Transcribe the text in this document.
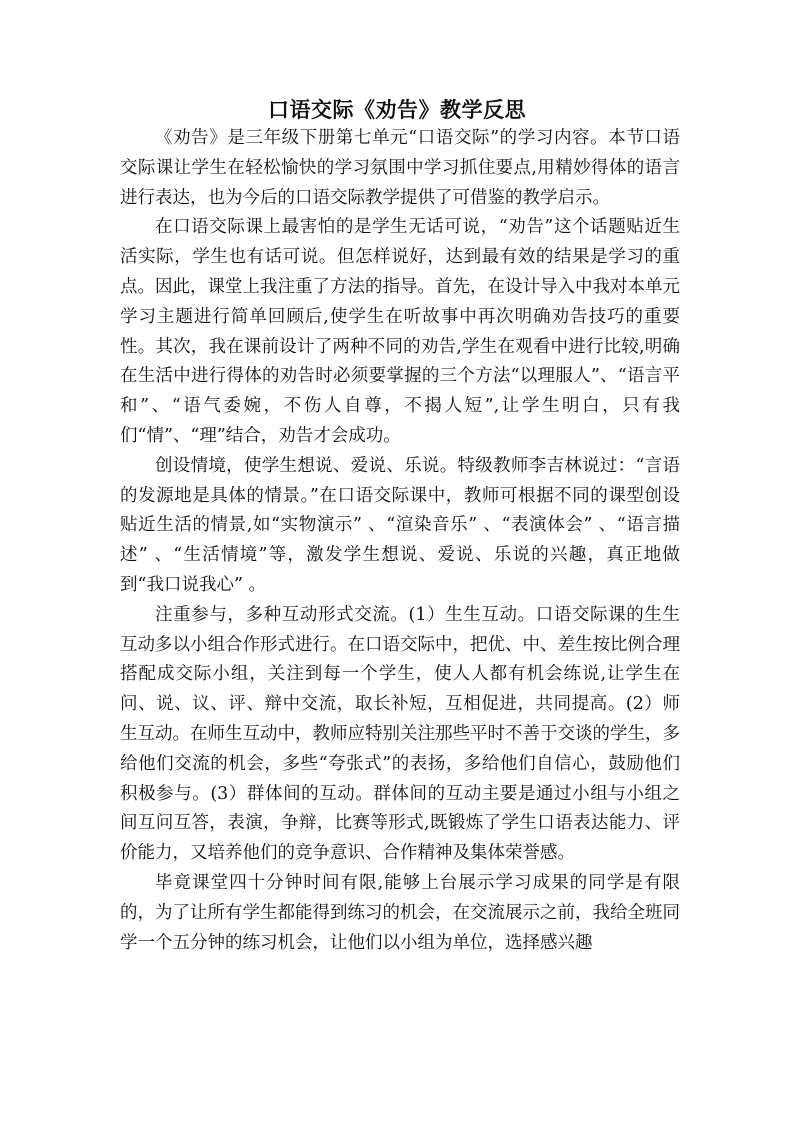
口语交际《劝告》教学反思

《劝告》是三年级下册第七单元“口语交际”的学习内容。本节口语交际课让学生在轻松愉快的学习氛围中学习抓住要点,用精妙得体的语言进行表达，也为今后的口语交际教学提供了可借鉴的教学启示。

在口语交际课上最害怕的是学生无话可说，“劝告”这个话题贴近生活实际，学生也有话可说。但怎样说好，达到最有效的结果是学习的重点。因此，课堂上我注重了方法的指导。首先，在设计导入中我对本单元学习主题进行简单回顾后,使学生在听故事中再次明确劝告技巧的重要性。其次，我在课前设计了两种不同的劝告,学生在观看中进行比较,明确在生活中进行得体的劝告时必须要掌握的三个方法“以理服人”、“语言平和”、“语气委婉，不伤人自尊，不揭人短”,让学生明白，只有我们“情”、“理”结合，劝告才会成功。

创设情境，使学生想说、爱说、乐说。特级教师李吉林说过：“言语的发源地是具体的情景。”在口语交际课中，教师可根据不同的课型创设贴近生活的情景,如“实物演示” 、“渲染音乐” 、“表演体会” 、“语言描述” 、“生活情境”等，激发学生想说、爱说、乐说的兴趣，真正地做到“我口说我心” 。

注重参与，多种互动形式交流。(1）生生互动。口语交际课的生生互动多以小组合作形式进行。在口语交际中，把优、中、差生按比例合理搭配成交际小组，关注到每一个学生，使人人都有机会练说,让学生在问、说、议、评、辩中交流，取长补短，互相促进，共同提高。(2）师生互动。在师生互动中，教师应特别关注那些平时不善于交谈的学生，多给他们交流的机会，多些“夸张式”的表扬，多给他们自信心，鼓励他们积极参与。(3）群体间的互动。群体间的互动主要是通过小组与小组之间互问互答，表演，争辩，比赛等形式,既锻炼了学生口语表达能力、评价能力，又培养他们的竞争意识、合作精神及集体荣誉感。

毕竟课堂四十分钟时间有限,能够上台展示学习成果的同学是有限的，为了让所有学生都能得到练习的机会，在交流展示之前，我给全班同学一个五分钟的练习机会，让他们以小组为单位，选择感兴趣
